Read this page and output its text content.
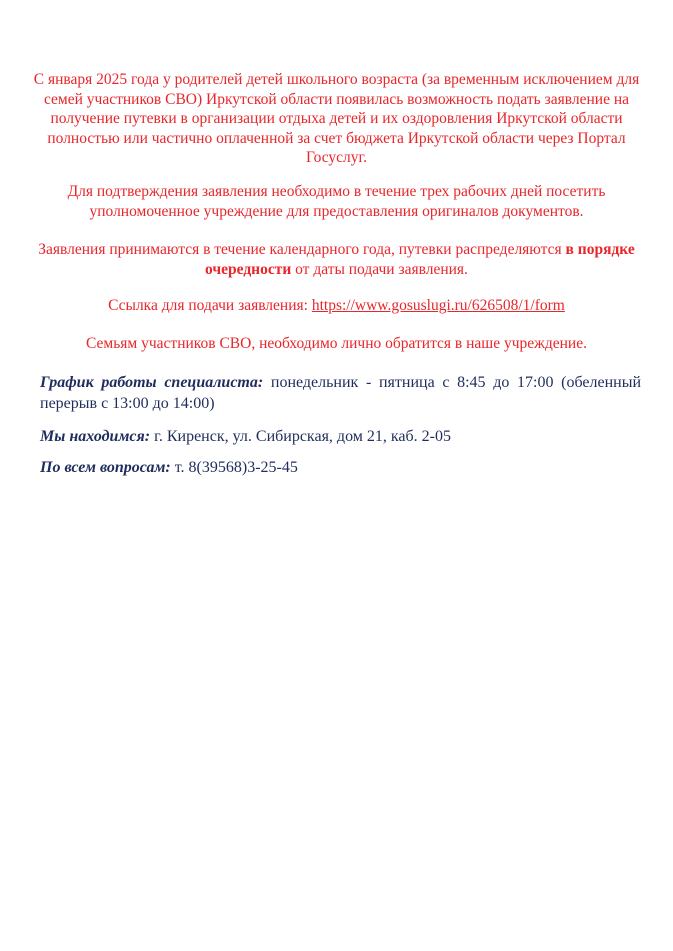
С января 2025 года у родителей детей школьного возраста (за временным исключением для семей участников СВО) Иркутской области появилась возможность подать заявление на получение путевки в организации отдыха детей и их оздоровления Иркутской области полностью или частично оплаченной за счет бюджета Иркутской области через Портал Госуслуг.

Для подтверждения заявления необходимо в течение трех рабочих дней посетить уполномоченное учреждение для предоставления оригиналов документов.

Заявления принимаются в течение календарного года, путевки распределяются в порядке очередности от даты подачи заявления.

Ссылка для подачи заявления: https://www.gosuslugi.ru/626508/1/form

Семьям участников СВО, необходимо лично обратится в наше учреждение.

График работы специалиста: понедельник - пятница с 8:45 до 17:00 (обеленный перерыв с 13:00 до 14:00)

Мы находимся: г. Киренск, ул. Сибирская, дом 21, каб. 2-05

По всем вопросам: т. 8(39568)3-25-45
